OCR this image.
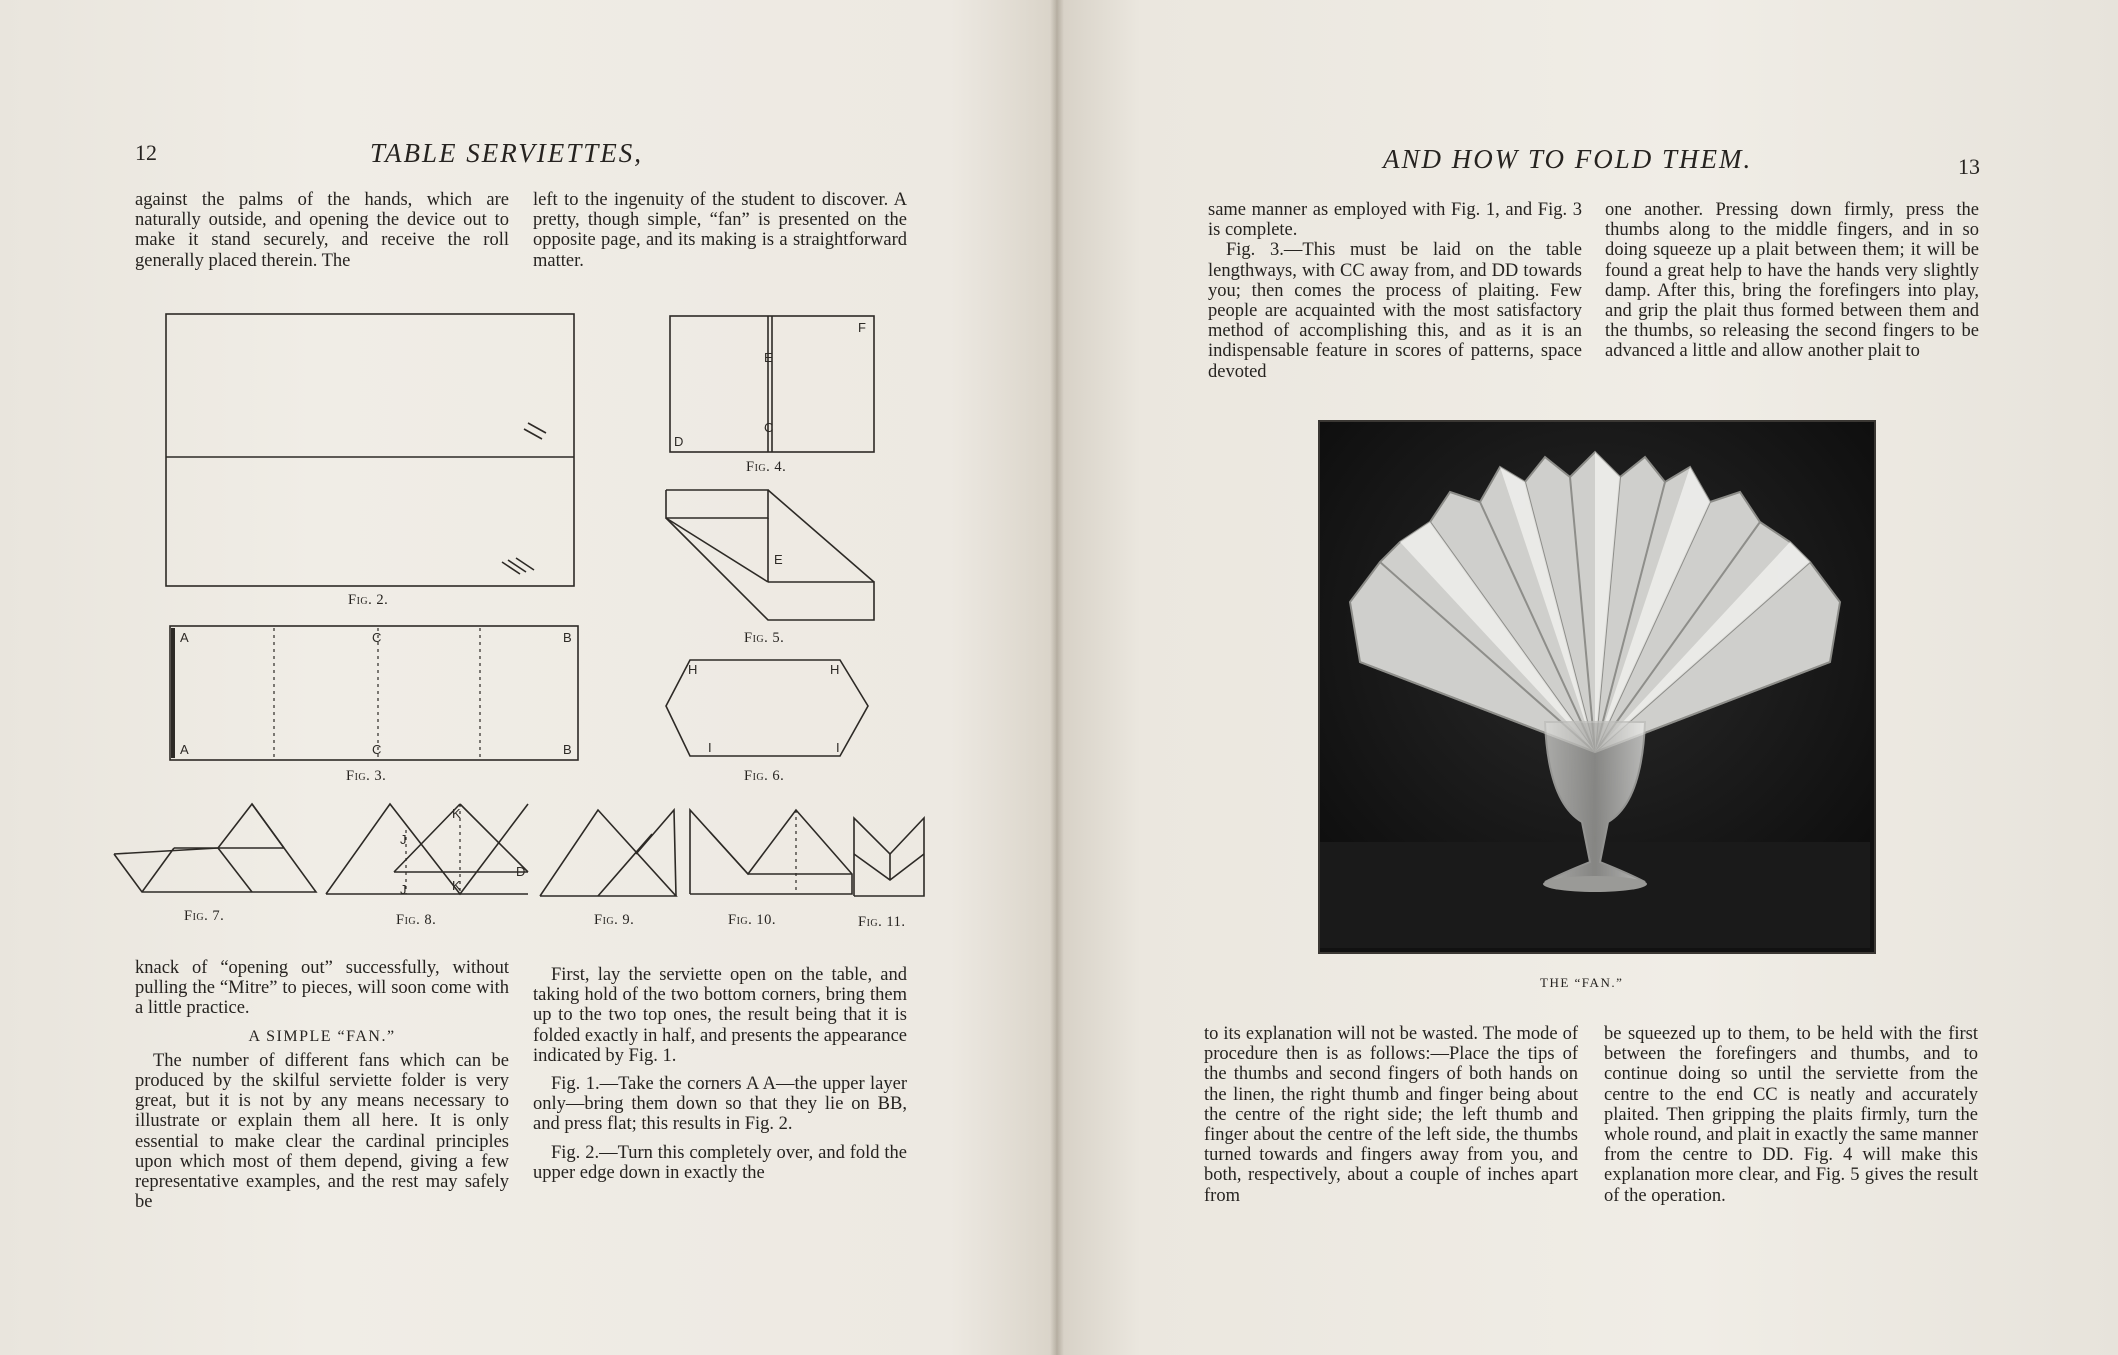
12	TABLE SERVIETTES,

against the palms of the hands, which are naturally outside, and opening the device out to make it stand securely, and receive the roll generally placed therein. The

left to the ingenuity of the student to discover. A pretty, though simple, “fan” is presented on the opposite page, and its making is a straightforward matter.

Fig. 2.
A
A
C
C
B
B
Fig. 3.
F
D
E
C
Fig. 4.
E
Fig. 5.
H	H
I	I
Fig. 6.
Fig. 7.
K
K
J
J
D
Fig. 8.	Fig. 9.	Fig. 10.	Fig. 11.

knack of “opening out” successfully, without pulling the “Mitre” to pieces, will soon come with a little practice.

A SIMPLE “FAN.”

The number of different fans which can be produced by the skilful serviette folder is very great, but it is not by any means necessary to illustrate or explain them all here. It is only essential to make clear the cardinal principles upon which most of them depend, giving a few representative examples, and the rest may safely be

First, lay the serviette open on the table, and taking hold of the two bottom corners, bring them up to the two top ones, the result being that it is folded exactly in half, and presents the appearance indicated by Fig. 1.

Fig. 1.—Take the corners A A—the upper layer only—bring them down so that they lie on BB, and press flat; this results in Fig. 2.

Fig. 2.—Turn this completely over, and fold the upper edge down in exactly the

AND HOW TO FOLD THEM.	13

same manner as employed with Fig. 1, and Fig. 3 is complete.

Fig. 3.—This must be laid on the table lengthways, with CC away from, and DD towards you; then comes the process of plaiting. Few people are acquainted with the most satisfactory method of accomplishing this, and as it is an indispensable feature in scores of patterns, space devoted

one another. Pressing down firmly, press the thumbs along to the middle fingers, and in so doing squeeze up a plait between them; it will be found a great help to have the hands very slightly damp. After this, bring the forefingers into play, and grip the plait thus formed between them and the thumbs, so releasing the second fingers to be advanced a little and allow another plait to

to its explanation will not be wasted. The mode of procedure then is as follows:—Place the tips of the thumbs and second fingers of both hands on the linen, the right thumb and finger being about the centre of the right side; the left thumb and finger about the centre of the left side, the thumbs turned towards and fingers away from you, and both, respectively, about a couple of inches apart from

be squeezed up to them, to be held with the first between the forefingers and thumbs, and to continue doing so until the serviette from the centre to the end CC is neatly and accurately plaited. Then gripping the plaits firmly, turn the whole round, and plait in exactly the same manner from the centre to DD. Fig. 4 will make this explanation more clear, and Fig. 5 gives the result of the operation.

THE “FAN.”
